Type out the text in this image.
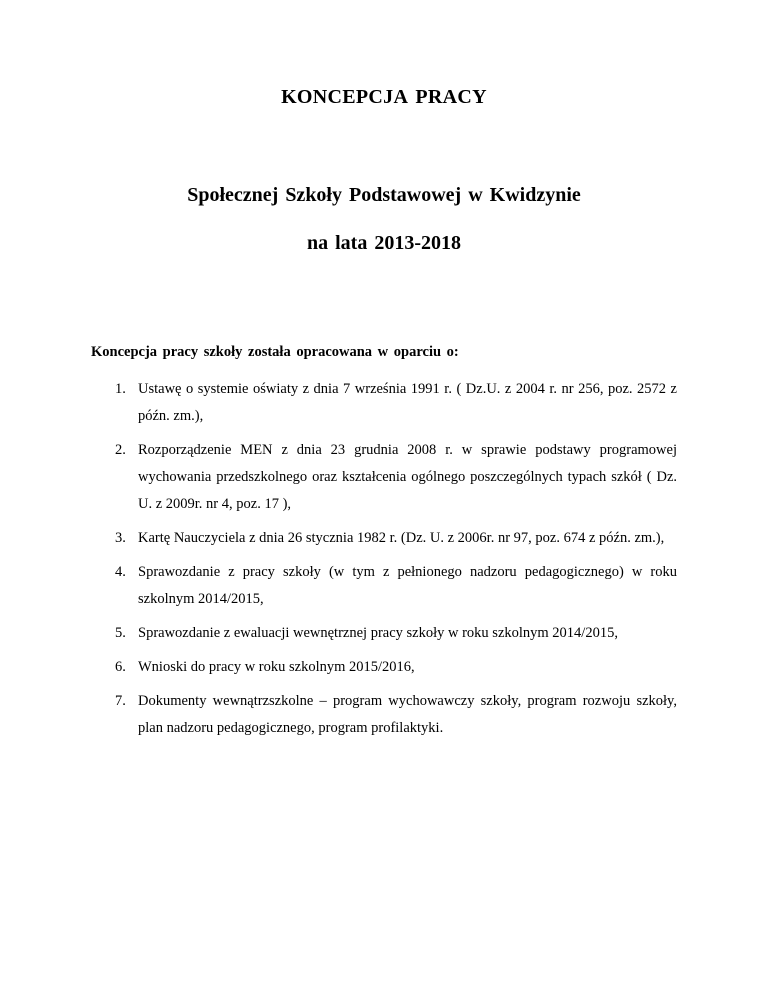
KONCEPCJA PRACY
Społecznej Szkoły Podstawowej w Kwidzynie
na lata 2013-2018
Koncepcja pracy szkoły została opracowana w oparciu o:
1. Ustawę o systemie oświaty z dnia 7 września 1991 r. ( Dz.U. z 2004 r. nr 256, poz. 2572 z późn. zm.),
2. Rozporządzenie MEN z dnia 23 grudnia 2008 r. w sprawie podstawy programowej wychowania przedszkolnego oraz kształcenia ogólnego poszczególnych typach szkół ( Dz. U. z 2009r. nr 4, poz. 17 ),
3. Kartę Nauczyciela z dnia 26 stycznia 1982 r. (Dz. U. z 2006r. nr 97, poz. 674 z późn. zm.),
4. Sprawozdanie z pracy szkoły (w tym z pełnionego nadzoru pedagogicznego) w roku szkolnym 2014/2015,
5. Sprawozdanie z ewaluacji wewnętrznej pracy szkoły w roku szkolnym 2014/2015,
6. Wnioski do pracy w roku szkolnym 2015/2016,
7. Dokumenty wewnątrzszkolne – program wychowawczy szkoły, program rozwoju szkoły, plan nadzoru pedagogicznego, program profilaktyki.
